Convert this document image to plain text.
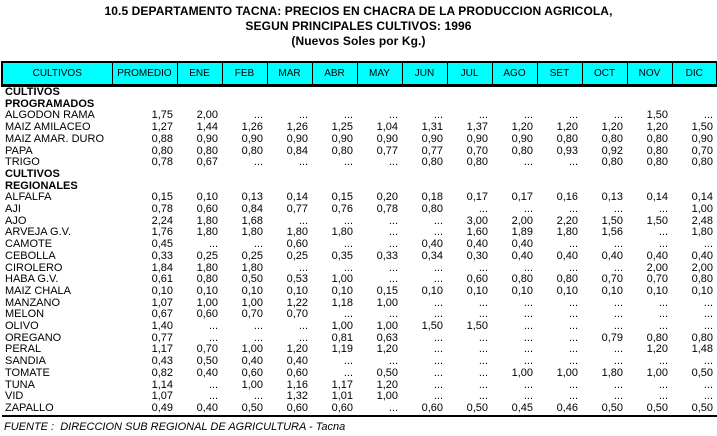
10.5 DEPARTAMENTO TACNA: PRECIOS EN CHACRA DE LA PRODUCCION AGRICOLA,
SEGUN PRINCIPALES CULTIVOS: 1996
(Nuevos Soles por Kg.)
CULTIVOS	PROMEDIO	ENE	FEB	MAR	ABR	MAY	JUN	JUL	AGO	SET	OCT	NOV	DIC
CULTIVOS													
PROGRAMADOS													
ALGODON RAMA	1,75	2,00	...	...	...	...	...	...	...	...	...	1,50	...
MAIZ AMILACEO	1,27	1,44	1,26	1,26	1,25	1,04	1,31	1,37	1,20	1,20	1,20	1,20	1,50
MAIZ AMAR. DURO	0,88	0,90	0,90	0,90	0,90	0,90	0,90	0,90	0,90	0,80	0,80	0,80	0,90
PAPA	0,80	0,80	0,80	0,84	0,80	0,77	0,77	0,70	0,80	0,93	0,92	0,80	0,70
TRIGO	0,78	0,67	...	...	...	...	0,80	0,80	...	...	0,80	0,80	0,80
CULTIVOS													
REGIONALES													
ALFALFA	0,15	0,10	0,13	0,14	0,15	0,20	0,18	0,17	0,17	0,16	0,13	0,14	0,14
AJI	0,78	0,60	0,84	0,77	0,76	0,78	0,80	...	...	...	...	...	1,00
AJO	2,24	1,80	1,68	...	...	...	...	3,00	2,00	2,20	1,50	1,50	2,48
ARVEJA G.V.	1,76	1,80	1,80	1,80	1,80	...	...	1,60	1,89	1,80	1,56	...	1,80
CAMOTE	0,45	...	...	0,60	...	...	0,40	0,40	0,40	...	...	...	...
CEBOLLA	0,33	0,25	0,25	0,25	0,35	0,33	0,34	0,30	0,40	0,40	0,40	0,40	0,40
CIROLERO	1,84	1,80	1,80	...	...	...	...	...	...	...	...	2,00	2,00
HABA G.V.	0,61	0,80	0,50	0,53	1,00	...	...	0,60	0,80	0,80	0,70	0,70	0,80
MAIZ CHALA	0,10	0,10	0,10	0,10	0,10	0,15	0,10	0,10	0,10	0,10	0,10	0,10	0,10
MANZANO	1,07	1,00	1,00	1,22	1,18	1,00	...	...	...	...	...	...	...
MELON	0,67	0,60	0,70	0,70	...	...	...	...	...	...	...	...	...
OLIVO	1,40	...	...	...	1,00	1,00	1,50	1,50	...	...	...	...	...
OREGANO	0,77	...	...	...	0,81	0,63	...	...	...	...	0,79	0,80	0,80
PERAL	1,17	0,70	1,00	1,20	1,19	1,20	...	...	...	...	...	1,20	1,48
SANDIA	0,43	0,50	0,40	0,40	...	...	...	...	...	...	...	...	...
TOMATE	0,82	0,40	0,60	0,60	...	0,50	...	...	1,00	1,00	1,80	1,00	0,50
TUNA	1,14	...	1,00	1,16	1,17	1,20	...	...	...	...	...	...	...
VID	1,07	...	...	1,32	1,01	1,00	...	...	...	...	...	...	...
ZAPALLO	0,49	0,40	0,50	0,60	0,60	...	0,60	0,50	0,45	0,46	0,50	0,50	0,50
FUENTE :  DIRECCION SUB REGIONAL DE AGRICULTURA - Tacna
